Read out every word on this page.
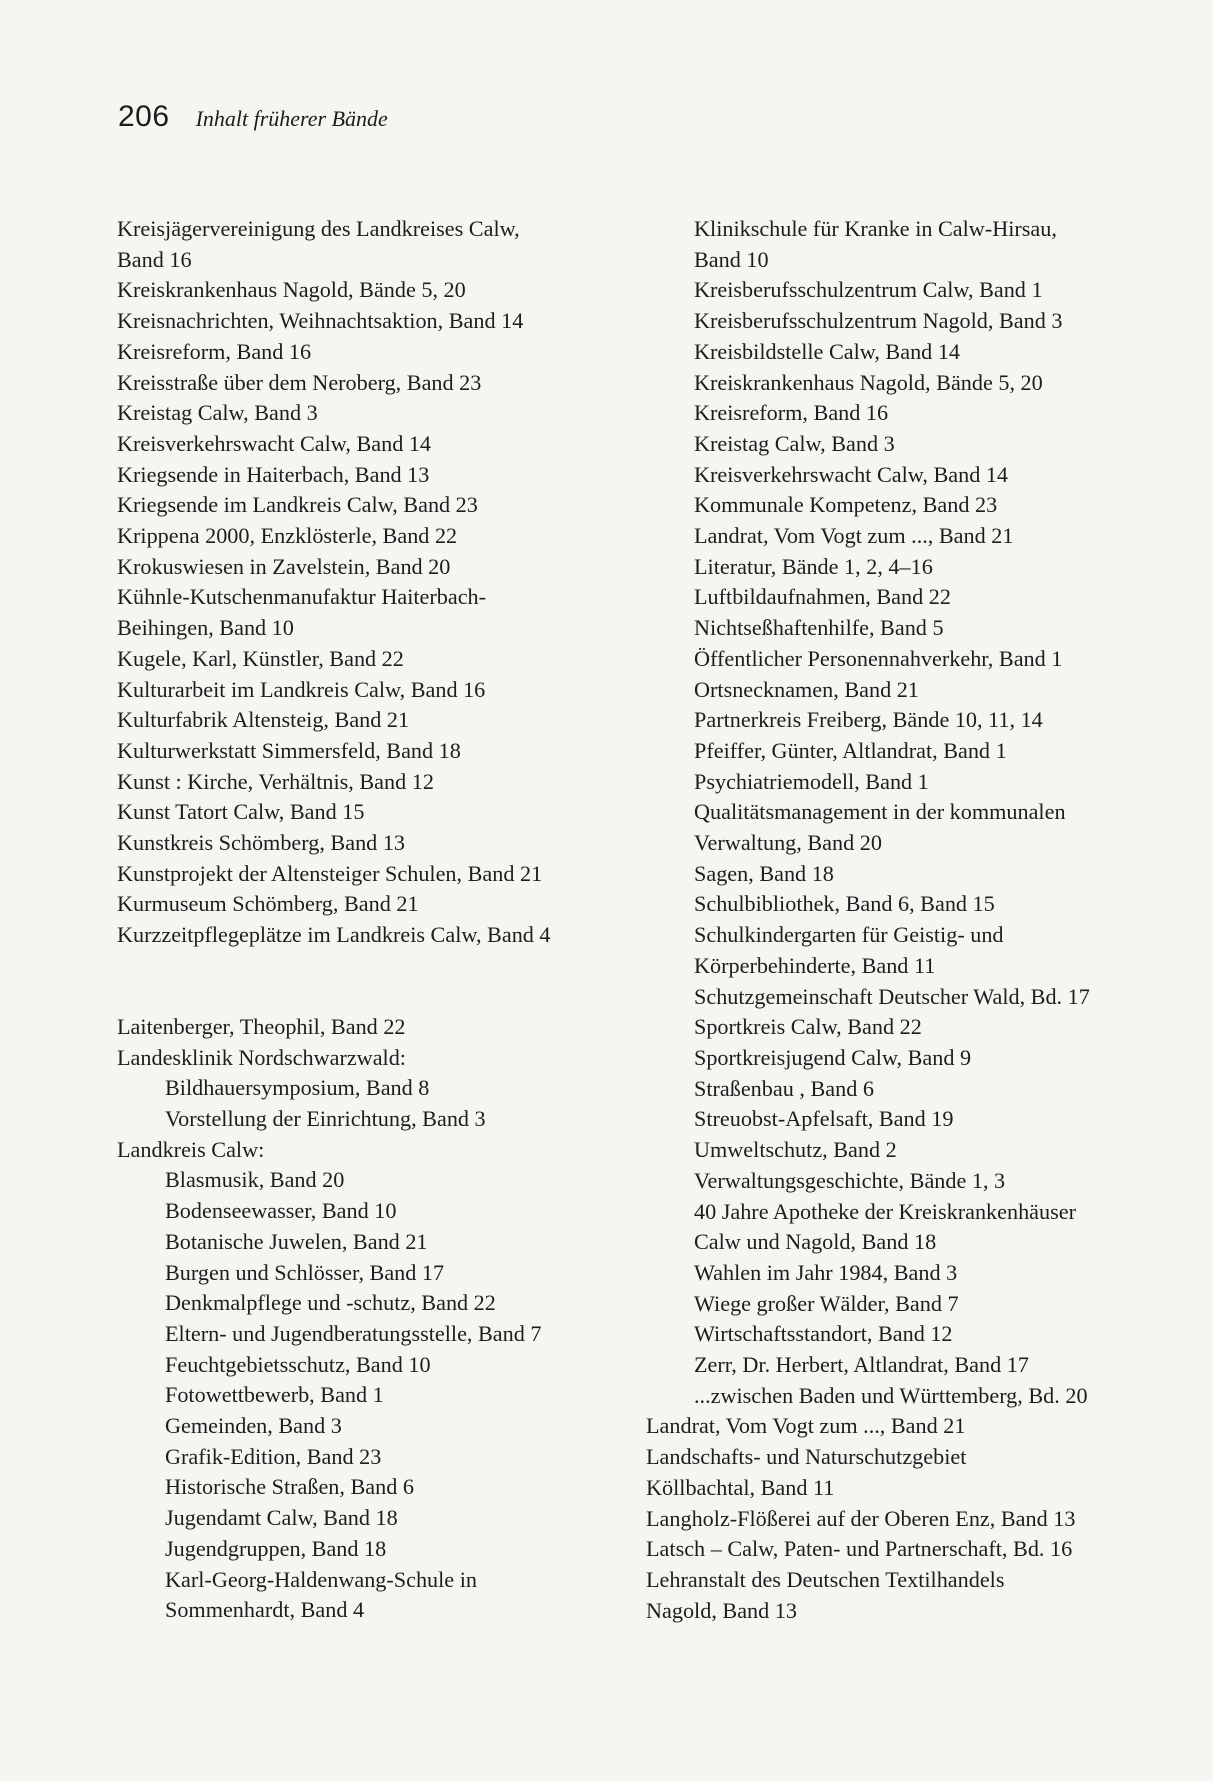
206 Inhalt früherer Bände
Kreisjägervereinigung des Landkreises Calw,
Band 16
Kreiskrankenhaus Nagold, Bände 5, 20
Kreisnachrichten, Weihnachtsaktion, Band 14
Kreisreform, Band 16
Kreisstraße über dem Neroberg, Band 23
Kreistag Calw, Band 3
Kreisverkehrswacht Calw, Band 14
Kriegsende in Haiterbach, Band 13
Kriegsende im Landkreis Calw, Band 23
Krippena 2000, Enzklösterle, Band 22
Krokuswiesen in Zavelstein, Band 20
Kühnle-Kutschenmanufaktur Haiterbach-
Beihingen, Band 10
Kugele, Karl, Künstler, Band 22
Kulturarbeit im Landkreis Calw, Band 16
Kulturfabrik Altensteig, Band 21
Kulturwerkstatt Simmersfeld, Band 18
Kunst : Kirche, Verhältnis, Band 12
Kunst Tatort Calw, Band 15
Kunstkreis Schömberg, Band 13
Kunstprojekt der Altensteiger Schulen, Band 21
Kurmuseum Schömberg, Band 21
Kurzzeitpflegeplätze im Landkreis Calw, Band 4
Laitenberger, Theophil, Band 22
Landesklinik Nordschwarzwald:
Bildhauersymposium, Band 8
Vorstellung der Einrichtung, Band 3
Landkreis Calw:
Blasmusik, Band 20
Bodenseewasser, Band 10
Botanische Juwelen, Band 21
Burgen und Schlösser, Band 17
Denkmalpflege und -schutz, Band 22
Eltern- und Jugendberatungsstelle, Band 7
Feuchtgebietsschutz, Band 10
Fotowettbewerb, Band 1
Gemeinden, Band 3
Grafik-Edition, Band 23
Historische Straßen, Band 6
Jugendamt Calw, Band 18
Jugendgruppen, Band 18
Karl-Georg-Haldenwang-Schule in
Sommenhardt, Band 4
Klinikschule für Kranke in Calw-Hirsau,
Band 10
Kreisberufsschulzentrum Calw, Band 1
Kreisberufsschulzentrum Nagold, Band 3
Kreisbildstelle Calw, Band 14
Kreiskrankenhaus Nagold, Bände 5, 20
Kreisreform, Band 16
Kreistag Calw, Band 3
Kreisverkehrswacht Calw, Band 14
Kommunale Kompetenz, Band 23
Landrat, Vom Vogt zum ..., Band 21
Literatur, Bände 1, 2, 4–16
Luftbildaufnahmen, Band 22
Nichtseßhaftenhilfe, Band 5
Öffentlicher Personennahverkehr, Band 1
Ortsnecknamen, Band 21
Partnerkreis Freiberg, Bände 10, 11, 14
Pfeiffer, Günter, Altlandrat, Band 1
Psychiatriemodell, Band 1
Qualitätsmanagement in der kommunalen
Verwaltung, Band 20
Sagen, Band 18
Schulbibliothek, Band 6, Band 15
Schulkindergarten für Geistig- und
Körperbehinderte, Band 11
Schutzgemeinschaft Deutscher Wald, Bd. 17
Sportkreis Calw, Band 22
Sportkreisjugend Calw, Band 9
Straßenbau , Band 6
Streuobst-Apfelsaft, Band 19
Umweltschutz, Band 2
Verwaltungsgeschichte, Bände 1, 3
40 Jahre Apotheke der Kreiskrankenhäuser
Calw und Nagold, Band 18
Wahlen im Jahr 1984, Band 3
Wiege großer Wälder, Band 7
Wirtschaftsstandort, Band 12
Zerr, Dr. Herbert, Altlandrat, Band 17
...zwischen Baden und Württemberg, Bd. 20
Landrat, Vom Vogt zum ..., Band 21
Landschafts- und Naturschutzgebiet
Köllbachtal, Band 11
Langholz-Flößerei auf der Oberen Enz, Band 13
Latsch – Calw, Paten- und Partnerschaft, Bd. 16
Lehranstalt des Deutschen Textilhandels
Nagold, Band 13
